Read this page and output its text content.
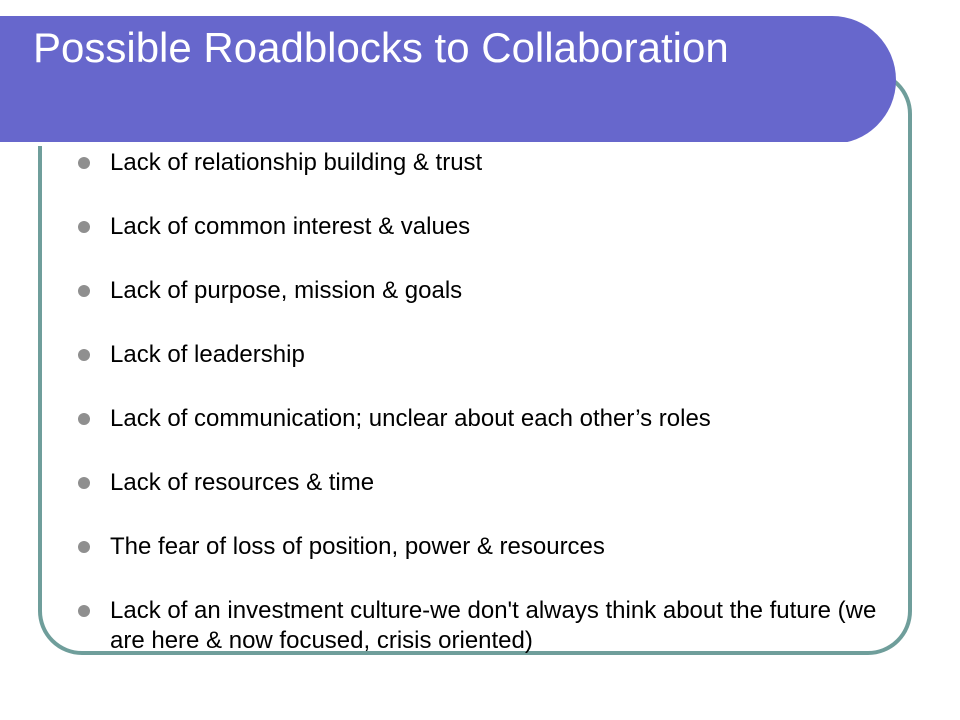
Possible Roadblocks to Collaboration
Lack of relationship building & trust
Lack of common interest & values
Lack of purpose, mission & goals
Lack of leadership
Lack of communication; unclear about each other’s roles
Lack of resources & time
The fear of loss of position, power & resources
Lack of an investment culture-we don't always think about the future (we are here & now focused, crisis oriented)
